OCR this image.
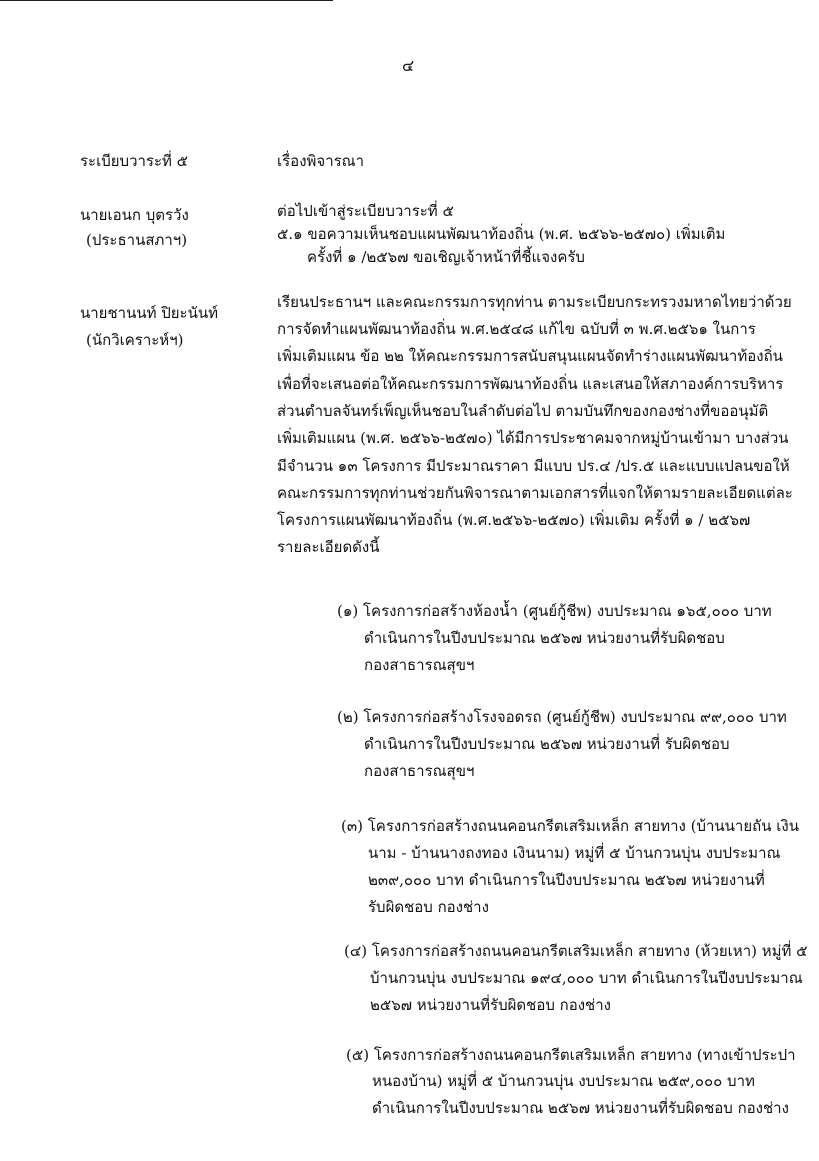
๔
ระเบียบวาระที่ ๕	เรื่องพิจารณา
นายเอนก บุตรวัง
(ประธานสภาฯ)
ต่อไปเข้าสู่ระเบียบวาระที่ ๕
๕.๑ ขอความเห็นชอบแผนพัฒนาท้องถิ่น (พ.ศ. ๒๕๖๖-๒๕๗๐) เพิ่มเติม
ครั้งที่ ๑ /๒๕๖๗ ขอเชิญเจ้าหน้าที่ชี้แจงครับ
นายชานนท์ ปิยะนันท์
(นักวิเคราะห์ฯ)
เรียนประธานฯ และคณะกรรมการทุกท่าน ตามระเบียบกระทรวงมหาดไทยว่าด้วย
การจัดทำแผนพัฒนาท้องถิ่น พ.ศ.๒๕๔๘ แก้ไข ฉบับที่ ๓ พ.ศ.๒๕๖๑ ในการ
เพิ่มเติมแผน ข้อ ๒๒ ให้คณะกรรมการสนับสนุนแผนจัดทำร่างแผนพัฒนาท้องถิ่น
เพื่อที่จะเสนอต่อให้คณะกรรมการพัฒนาท้องถิ่น และเสนอให้สภาองค์การบริหาร
ส่วนตำบลจันทร์เพ็ญเห็นชอบในลำดับต่อไป ตามบันทึกของกองช่างที่ขออนุมัติ
เพิ่มเติมแผน (พ.ศ. ๒๕๖๖-๒๕๗๐) ได้มีการประชาคมจากหมู่บ้านเข้ามา บางส่วน
มีจำนวน ๑๓ โครงการ มีประมาณราคา มีแบบ ปร.๔ /ปร.๕ และแบบแปลนขอให้
คณะกรรมการทุกท่านช่วยกันพิจารณาตามเอกสารที่แจกให้ตามรายละเอียดแต่ละ
โครงการแผนพัฒนาท้องถิ่น (พ.ศ.๒๕๖๖-๒๕๗๐) เพิ่มเติม ครั้งที่ ๑ / ๒๕๖๗
รายละเอียดดังนี้
(๑) โครงการก่อสร้างห้องน้ำ (ศูนย์กู้ชีพ) งบประมาณ ๑๖๕,๐๐๐ บาท
ดำเนินการในปีงบประมาณ ๒๕๖๗ หน่วยงานที่รับผิดชอบ
กองสาธารณสุขฯ
(๒) โครงการก่อสร้างโรงจอดรถ (ศูนย์กู้ชีพ) งบประมาณ ๙๙,๐๐๐ บาท
ดำเนินการในปีงบประมาณ ๒๕๖๗ หน่วยงานที่ รับผิดชอบ
กองสาธารณสุขฯ
(๓) โครงการก่อสร้างถนนคอนกรีตเสริมเหล็ก สายทาง (บ้านนายถัน เงิน
นาม - บ้านนางถงทอง เงินนาม) หมู่ที่ ๕ บ้านกวนบุ่น งบประมาณ
๒๓๙,๐๐๐ บาท ดำเนินการในปีงบประมาณ ๒๕๖๗ หน่วยงานที่
รับผิดชอบ กองช่าง
(๔) โครงการก่อสร้างถนนคอนกรีตเสริมเหล็ก สายทาง (ห้วยเหา) หมู่ที่ ๕
บ้านกวนบุ่น งบประมาณ ๑๙๔,๐๐๐ บาท ดำเนินการในปีงบประมาณ
๒๕๖๗ หน่วยงานที่รับผิดชอบ กองช่าง
(๕) โครงการก่อสร้างถนนคอนกรีตเสริมเหล็ก สายทาง (ทางเข้าประปา
หนองบ้าน) หมู่ที่ ๕ บ้านกวนบุ่น งบประมาณ ๒๕๙,๐๐๐ บาท
ดำเนินการในปีงบประมาณ ๒๕๖๗ หน่วยงานที่รับผิดชอบ กองช่าง
